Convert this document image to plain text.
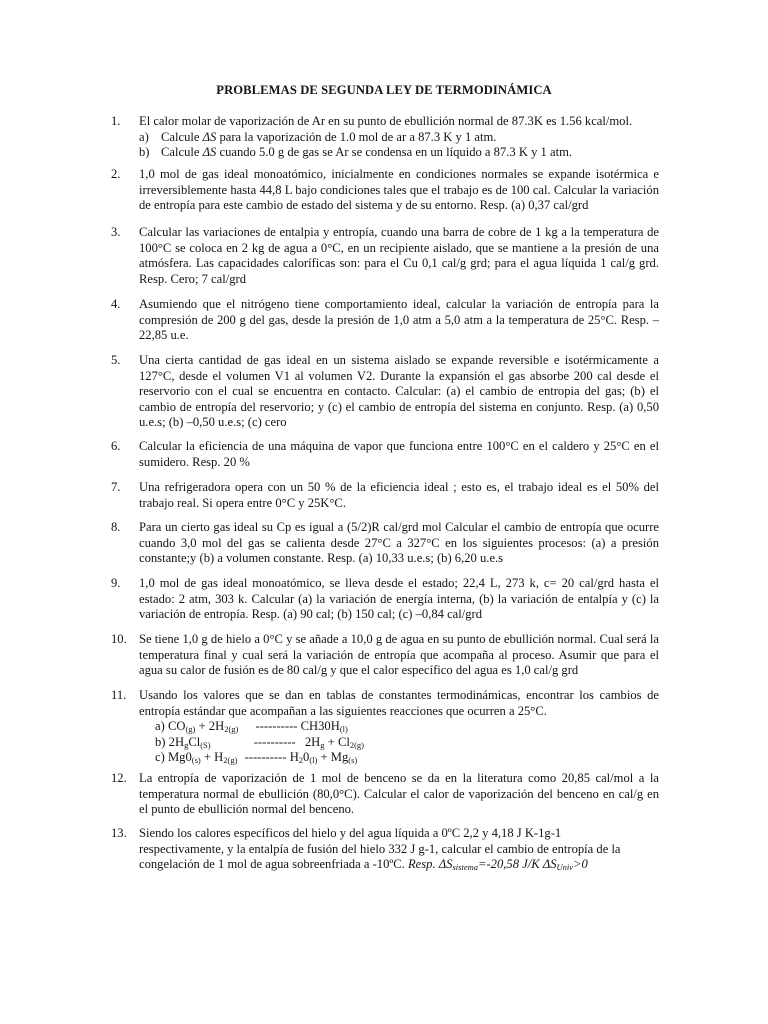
PROBLEMAS DE SEGUNDA LEY DE TERMODINÁMICA
1.	El calor molar de vaporización de Ar en su punto de ebullición normal de 87.3K es 1.56 kcal/mol.
a) Calcule ΔS para la vaporización de 1.0 mol de ar a 87.3 K y 1 atm.
b) Calcule ΔS cuando 5.0 g de gas se Ar se condensa en un líquido a 87.3 K y 1 atm.
2.	1,0 mol de gas ideal monoatómico, inicialmente en condiciones normales se expande isotérmica e irreversiblemente hasta 44,8 L bajo condiciones tales que el trabajo es de 100 cal. Calcular la variación de entropía para este cambio de estado del sistema y de su entorno. Resp. (a) 0,37 cal/grd
3.	Calcular las variaciones de entalpia y entropía, cuando una barra de cobre de 1 kg a la temperatura de 100°C se coloca en 2 kg de agua a 0°C, en un recipiente aislado, que se mantiene a la presión de una atmósfera. Las capacidades caloríficas son: para el Cu 0,1 cal/g grd; para el agua líquida 1 cal/g grd. Resp. Cero; 7 cal/grd
4.	Asumiendo que el nitrógeno tiene comportamiento ideal, calcular la variación de entropía para la compresión de 200 g del gas, desde la presión de 1,0 atm a 5,0 atm a la temperatura de 25°C. Resp. –22,85 u.e.
5.	Una cierta cantidad de gas ideal en un sistema aislado se expande reversible e isotérmicamente a 127°C, desde el volumen V1 al volumen V2. Durante la expansión el gas absorbe 200 cal desde el reservorio con el cual se encuentra en contacto. Calcular: (a) el cambio de entropia del gas; (b) el cambio de entropía del reservorio; y (c) el cambio de entropía del sistema en conjunto. Resp. (a) 0,50 u.e.s; (b) –0,50 u.e.s; (c) cero
6.	Calcular la eficiencia de una máquina de vapor que funciona entre 100°C en el caldero y 25°C en el sumidero. Resp. 20 %
7.	Una refrigeradora opera con un 50 % de la eficiencia ideal ; esto es, el trabajo ideal es el 50% del trabajo real. Si opera entre 0°C y 25K°C.
8.	Para un cierto gas ideal su Cp es igual a (5/2)R cal/grd mol Calcular el cambio de entropía que ocurre cuando 3,0 mol del gas se calienta desde 27°C a 327°C en los siguientes procesos: (a) a presión constante;y (b) a volumen constante. Resp. (a) 10,33 u.e.s; (b) 6,20 u.e.s
9.	1,0 mol de gas ideal monoatómico, se lleva desde el estado; 22,4 L, 273 k, c= 20 cal/grd hasta el estado: 2 atm, 303 k. Calcular (a) la variación de energía interna, (b) la variación de entalpía y (c) la variación de entropía. Resp. (a) 90 cal; (b) 150 cal; (c) –0,84 cal/grd
10. Se tiene 1,0 g de hielo a 0°C y se añade a 10,0 g de agua en su punto de ebullición normal. Cual será la temperatura final y cual será la variación de entropía que acompaña al proceso. Asumir que para el agua su calor de fusión es de 80 cal/g y que el calor específico del agua es 1,0 cal/g grd
11.	Usando los valores que se dan en tablas de constantes termodinámicas, encontrar los cambios de entropía estándar que acompañan a las siguientes reacciones que ocurren a 25°C.
a) $CO_{(g)} + 2H_{2(g)}$ ---------- $CH30H_{(l)}$
b) $2H_gCl_{(S)}$	---------- $2H_g + Cl_{2(g)}$
c) $Mg0_{(s)} + H_{2(g)}$ ---------- $H_20_{(l)} + Mg_{(s)}$
12. La entropía de vaporización de 1 mol de benceno se da en la literatura como 20,85 cal/mol a la temperatura normal de ebullición (80,0°C). Calcular el calor de vaporización del benceno en cal/g en el punto de ebullición normal del benceno.
13. Siendo los calores específicos del hielo y del agua líquida a 0ºC 2,2 y 4,18 J K-1g-1
respectivamente, y la entalpía de fusión del hielo 332 J g-1, calcular el cambio de entropía de la
congelación de 1 mol de agua sobreenfriada a -10ºC. Resp. $\Delta S_{sistema}=-20,58$ J/K $\Delta S_{Univ}>0$
